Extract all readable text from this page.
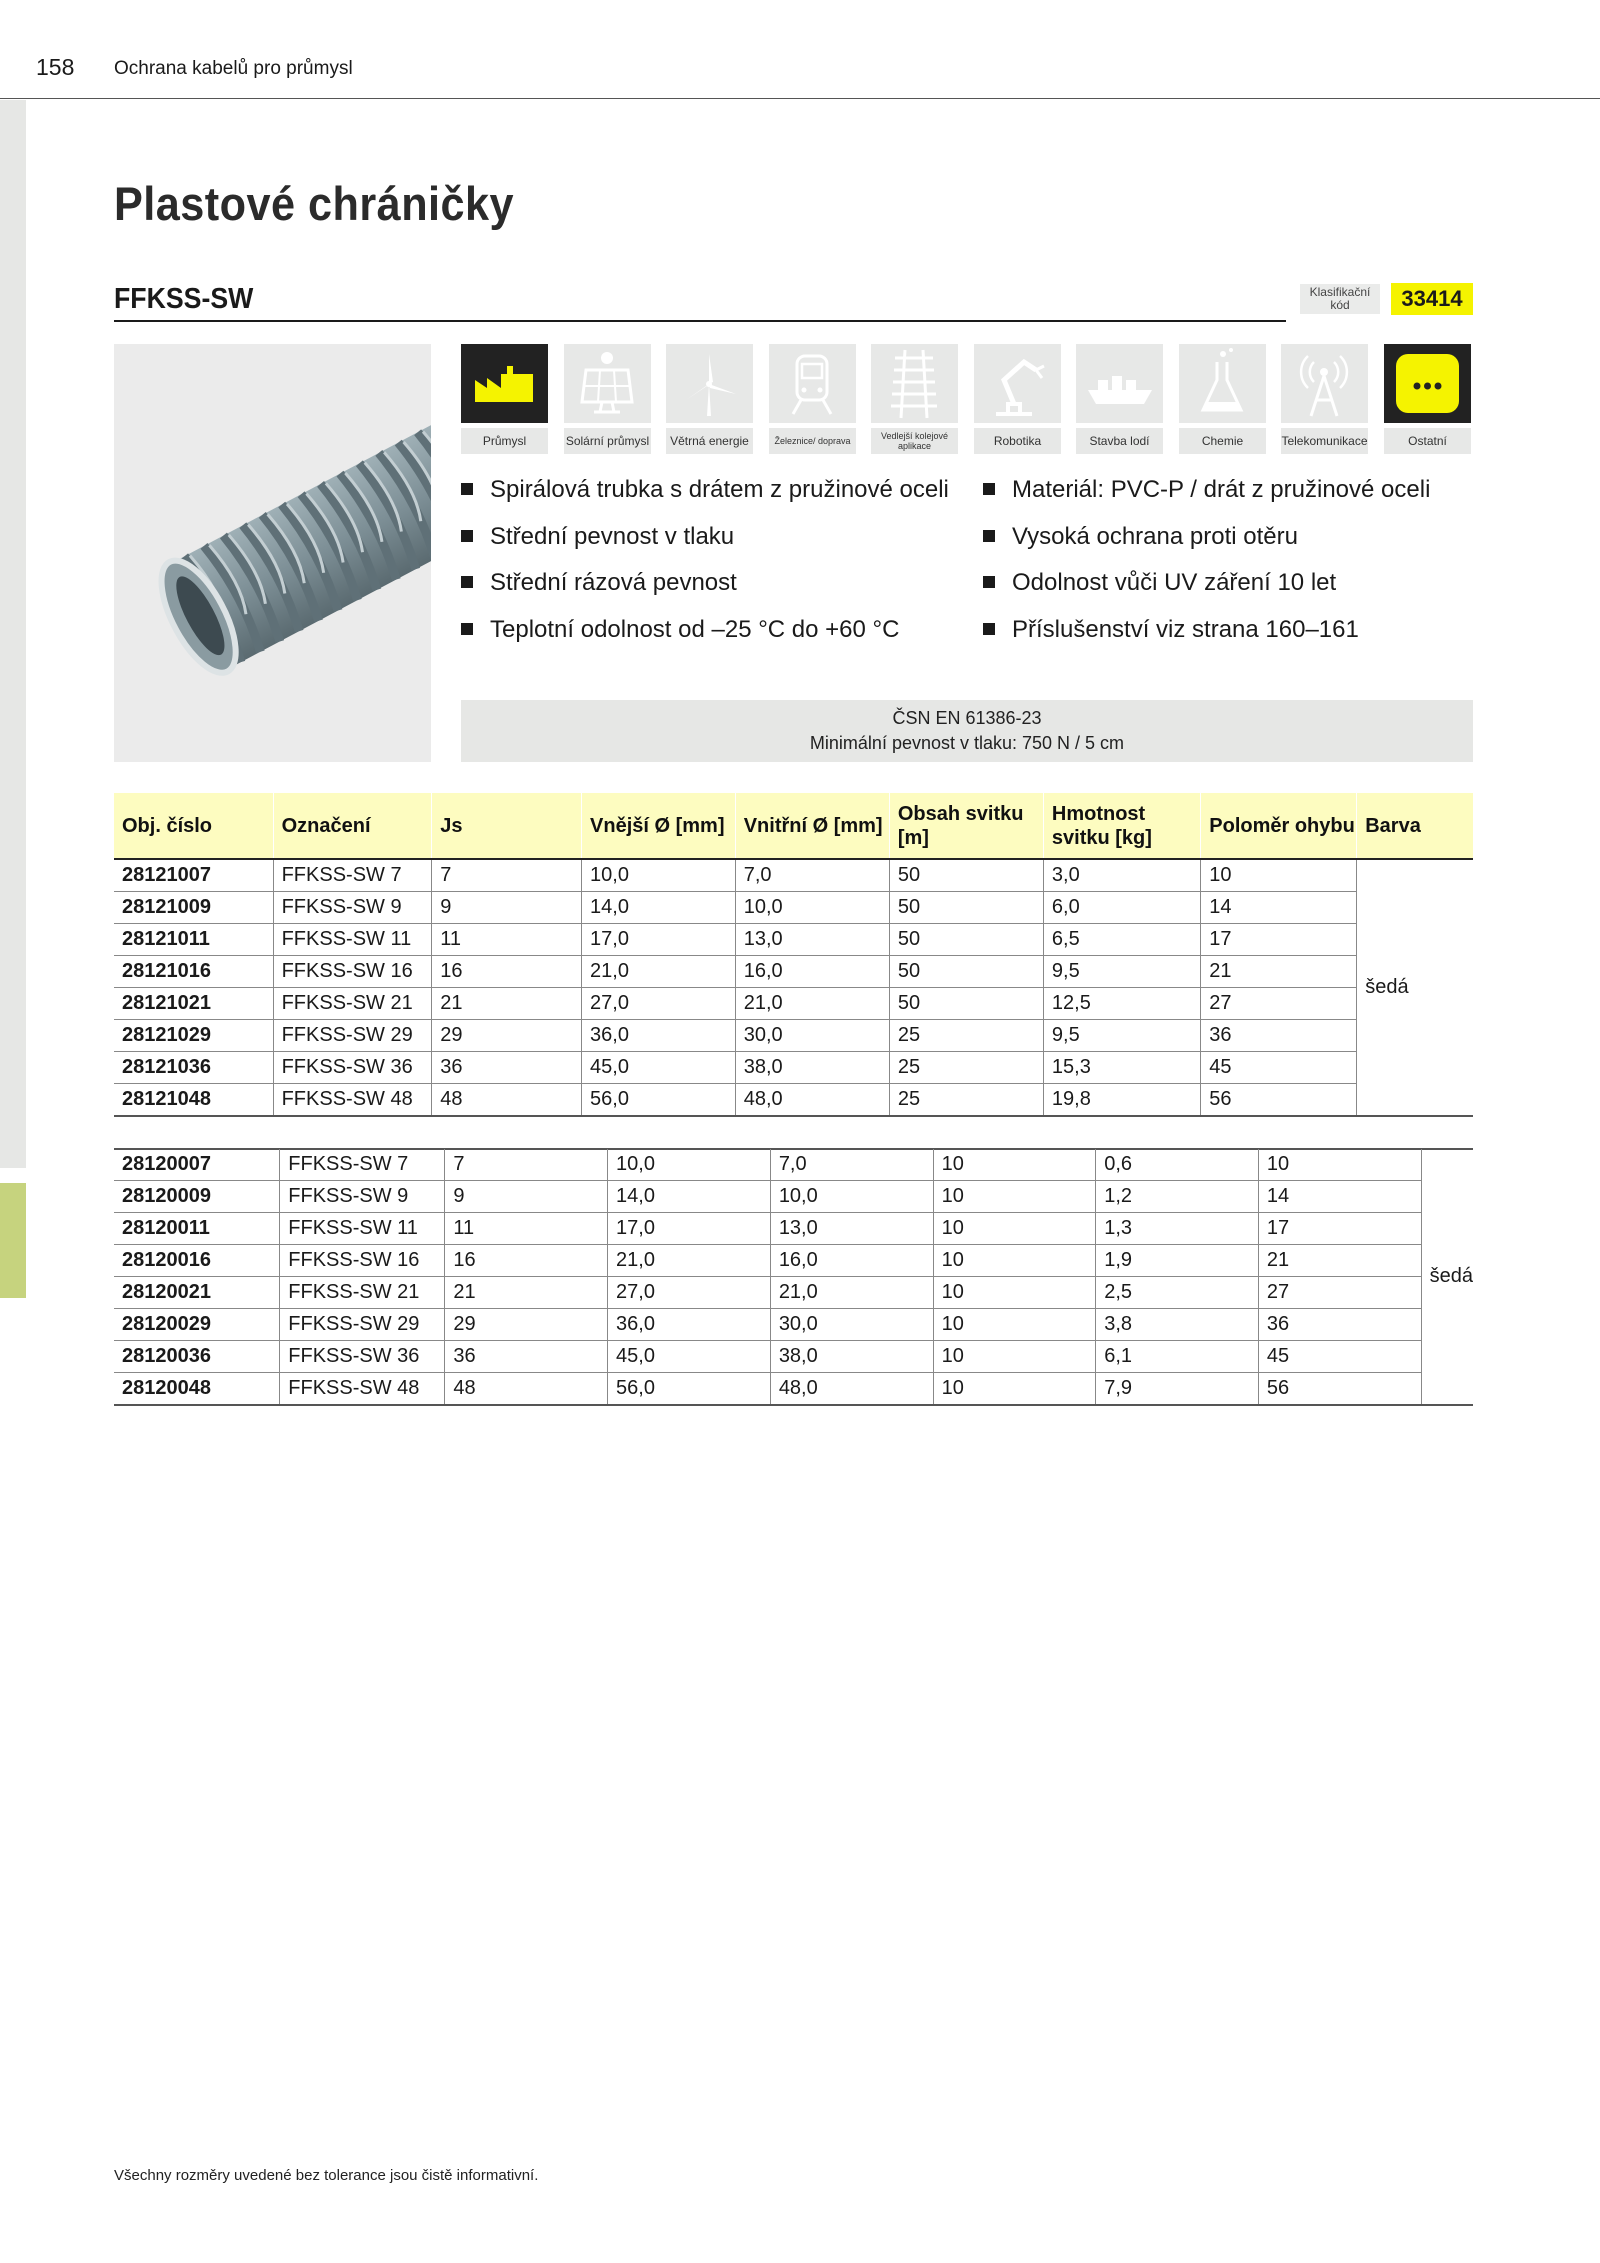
158 Ochrana kabelů pro průmysl
Plastové chráničky
FFKSS-SW	Klasifikační kód	33414
Průmysl	Solární průmysl	Větrná energie	Železnice/ doprava	Vedlejší kolejové aplikace	Robotika	Stavba lodí	Chemie	Telekomunikace	Ostatní
Spirálová trubka s drátem z pružinové oceli
Střední pevnost v tlaku
Střední rázová pevnost
Teplotní odolnost od –25 °C do +60 °C
Materiál: PVC-P / drát z pružinové oceli
Vysoká ochrana proti otěru
Odolnost vůči UV záření 10 let
Příslušenství viz strana 160–161
ČSN EN 61386-23
Minimální pevnost v tlaku: 750 N / 5 cm
Obj. číslo	Označení	Js	Vnější Ø [mm]	Vnitřní Ø [mm]	Obsah svitku [m]	Hmotnost svitku [kg]	Poloměr ohybu	Barva
28121007	FFKSS-SW 7	7	10,0	7,0	50	3,0	10	šedá
28121009	FFKSS-SW 9	9	14,0	10,0	50	6,0	14	
28121011	FFKSS-SW 11	11	17,0	13,0	50	6,5	17	
28121016	FFKSS-SW 16	16	21,0	16,0	50	9,5	21	
28121021	FFKSS-SW 21	21	27,0	21,0	50	12,5	27	
28121029	FFKSS-SW 29	29	36,0	30,0	25	9,5	36	
28121036	FFKSS-SW 36	36	45,0	38,0	25	15,3	45	
28121048	FFKSS-SW 48	48	56,0	48,0	25	19,8	56	
28120007	FFKSS-SW 7	7	10,0	7,0	10	0,6	10	šedá
28120009	FFKSS-SW 9	9	14,0	10,0	10	1,2	14	
28120011	FFKSS-SW 11	11	17,0	13,0	10	1,3	17	
28120016	FFKSS-SW 16	16	21,0	16,0	10	1,9	21	
28120021	FFKSS-SW 21	21	27,0	21,0	10	2,5	27	
28120029	FFKSS-SW 29	29	36,0	30,0	10	3,8	36	
28120036	FFKSS-SW 36	36	45,0	38,0	10	6,1	45	
28120048	FFKSS-SW 48	48	56,0	48,0	10	7,9	56	
Všechny rozměry uvedené bez tolerance jsou čistě informativní.
